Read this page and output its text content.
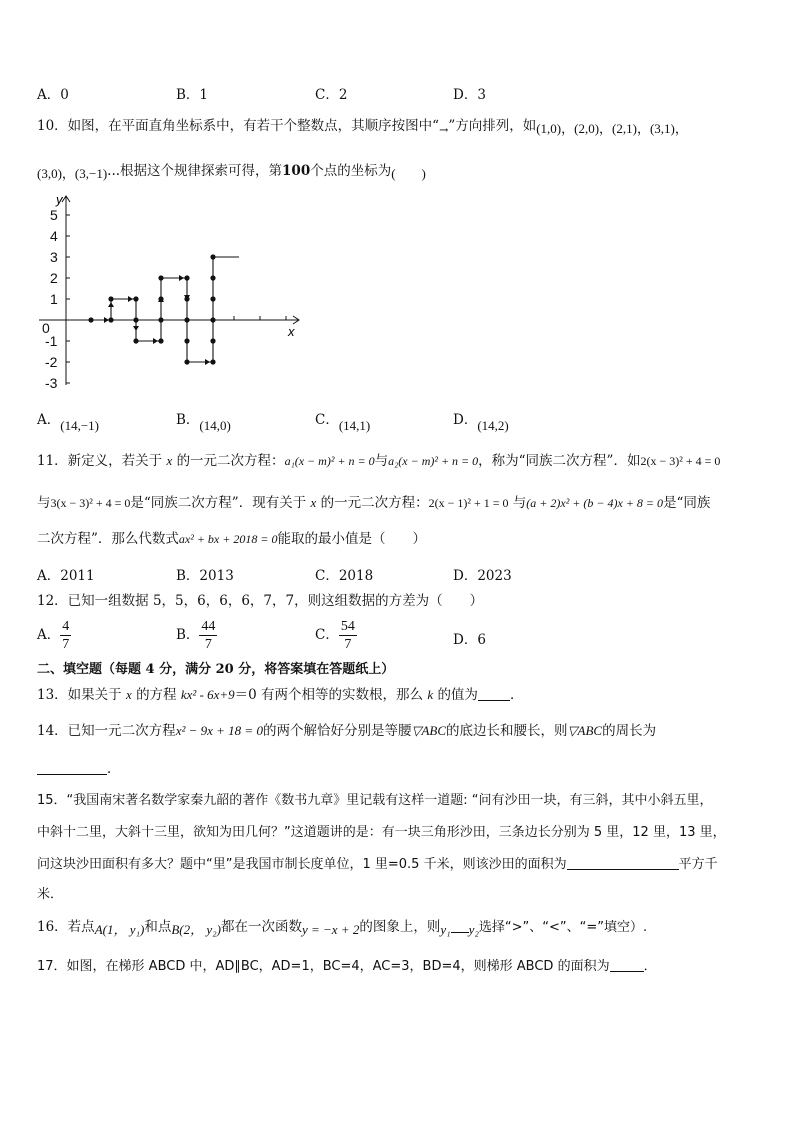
A．0	B．1	C．2	D．3
10．如图，在平面直角坐标系中，有若干个整数点，其顺序按图中“$_\to$”方向排列，如(1,0)，(2,0)，(2,1)，(3,1)，
(3,0)，(3,−1)...根据这个规律探索可得，第100个点的坐标为(　　)
y
x
5
4
3
2
1
0
-1
-2
-3
A．(14,−1)	B．(14,0)	C．(14,1)	D．(14,2)
11．新定义，若关于 x 的一元二次方程：a₁(x − m)² + n = 0与a₂(x − m)² + n = 0，称为“同族二次方程”．如2(x − 3)² + 4 = 0
与3(x − 3)² + 4 = 0是“同族二次方程”．现有关于 x 的一元二次方程：2(x − 1)² + 1 = 0 与(a + 2)x² + (b − 4)x + 8 = 0是“同族
二次方程”．那么代数式ax² + bx + 2018 = 0能取的最小值是（　　）
A．2011	B．2013	C．2018	D．2023
12．已知一组数据 5，5，6，6，6，7，7，则这组数据的方差为（　　）
A． $\frac{4}{7}$	B． $\frac{44}{7}$	C． $\frac{54}{7}$	D．6
二、填空题（每题 4 分，满分 20 分，将答案填在答题纸上）
13．如果关于 x 的方程 kx² - 6x+9＝0 有两个相等的实数根，那么 k 的值为 ．
14．已知一元二次方程x² − 9x + 18 = 0的两个解恰好分别是等腰▽ABC的底边长和腰长，则▽ABC的周长为
．
15．“我国南宋著名数学家秦九韶的著作《数书九章》里记载有这样一道题: “问有沙田一块，有三斜，其中小斜五里，
中斜十二里，大斜十三里，欲知为田几何？”这道题讲的是：有一块三角形沙田，三条边长分别为 5 里，12 里，13 里，
问这块沙田面积有多大？题中“里”是我国市制长度单位，1 里=0.5 千米，则该沙田的面积为	平方千
米．
16．若点A(1， y₁)和点B(2， y₂)都在一次函数y = −x + 2的图象上，则y₁ y₂选择“>”、“<”、“=”填空）.
17．如图，在梯形 ABCD 中，AD∥BC，AD=1，BC=4，AC=3，BD=4，则梯形 ABCD 的面积为	．
